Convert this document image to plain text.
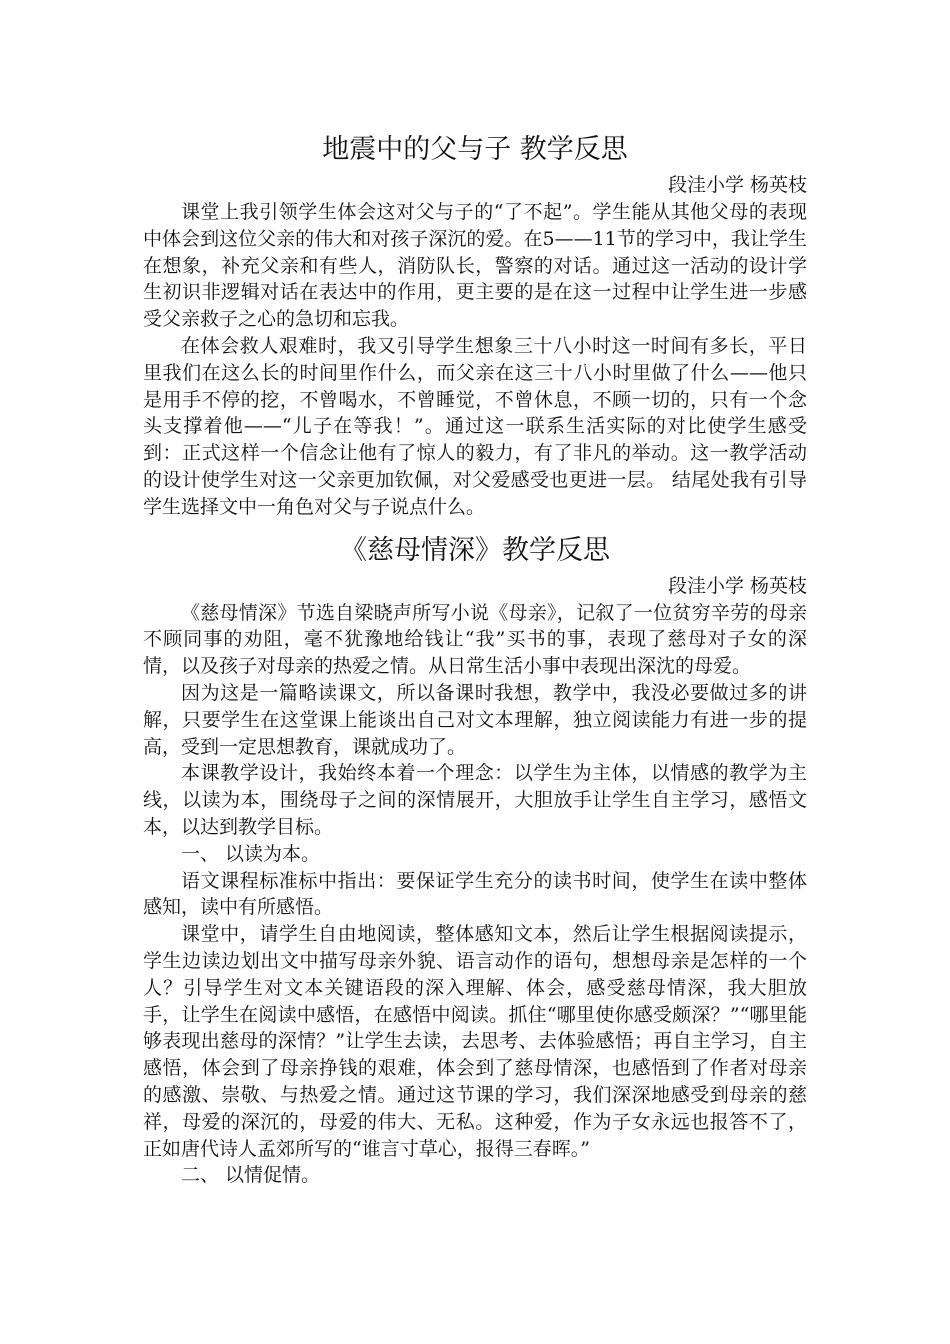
地震中的父与子 教学反思

段洼小学 杨英枝

课堂上我引领学生体会这对父与子的“了不起”。学生能从其他父母的表现中体会到这位父亲的伟大和对孩子深沉的爱。在5——11节的学习中，我让学生在想象，补充父亲和有些人，消防队长，警察的对话。通过这一活动的设计学生初识非逻辑对话在表达中的作用，更主要的是在这一过程中让学生进一步感受父亲救子之心的急切和忘我。

在体会救人艰难时，我又引导学生想象三十八小时这一时间有多长，平日里我们在这么长的时间里作什么，而父亲在这三十八小时里做了什么——他只是用手不停的挖，不曾喝水，不曾睡觉，不曾休息，不顾一切的，只有一个念头支撑着他——“儿子在等我！”。通过这一联系生活实际的对比使学生感受到：正式这样一个信念让他有了惊人的毅力，有了非凡的举动。这一教学活动的设计使学生对这一父亲更加钦佩，对父爱感受也更进一层。 结尾处我有引导学生选择文中一角色对父与子说点什么。

《慈母情深》教学反思

段洼小学 杨英枝

《慈母情深》节选自梁晓声所写小说《母亲》，记叙了一位贫穷辛劳的母亲不顾同事的劝阻，毫不犹豫地给钱让“我”买书的事，表现了慈母对子女的深情，以及孩子对母亲的热爱之情。从日常生活小事中表现出深沈的母爱。

因为这是一篇略读课文，所以备课时我想，教学中，我没必要做过多的讲解，只要学生在这堂课上能谈出自己对文本理解，独立阅读能力有进一步的提高，受到一定思想教育，课就成功了。

本课教学设计，我始终本着一个理念：以学生为主体，以情感的教学为主线，以读为本，围绕母子之间的深情展开，大胆放手让学生自主学习，感悟文本，以达到教学目标。

一、 以读为本。

语文课程标准标中指出：要保证学生充分的读书时间，使学生在读中整体感知，读中有所感悟。

课堂中，请学生自由地阅读，整体感知文本，然后让学生根据阅读提示，学生边读边划出文中描写母亲外貌、语言动作的语句，想想母亲是怎样的一个人？引导学生对文本关键语段的深入理解、体会，感受慈母情深，我大胆放手，让学生在阅读中感悟，在感悟中阅读。抓住“哪里使你感受颇深？”“哪里能够表现出慈母的深情？”让学生去读，去思考、去体验感悟；再自主学习，自主感悟，体会到了母亲挣钱的艰难，体会到了慈母情深，也感悟到了作者对母亲的感激、崇敬、与热爱之情。通过这节课的学习，我们深深地感受到母亲的慈祥，母爱的深沉的，母爱的伟大、无私。这种爱，作为子女永远也报答不了，正如唐代诗人孟郊所写的“谁言寸草心，报得三春晖。”

二、 以情促情。
